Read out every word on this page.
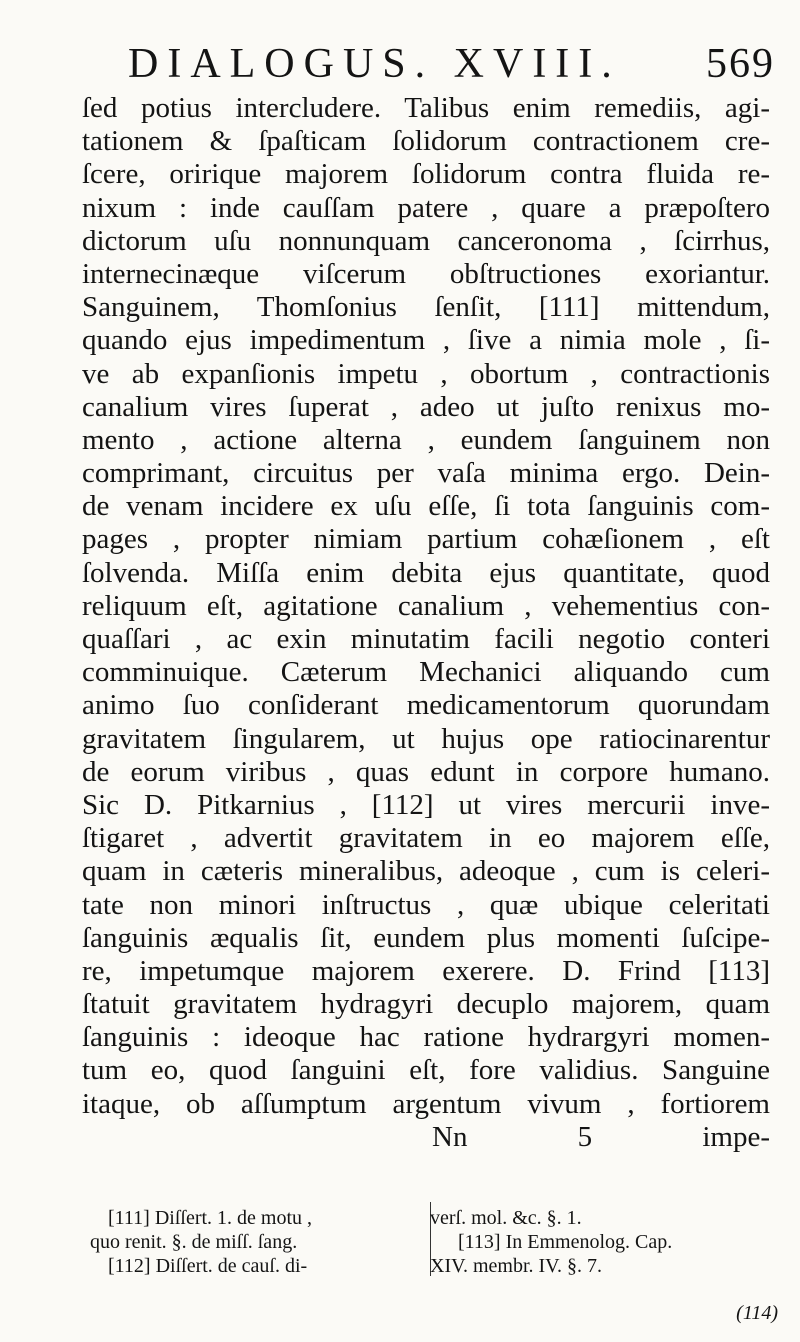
DIALOGUS. XVIII. 569
ſed potius intercludere. Talibus enim remediis, agi-
tationem & ſpaſticam ſolidorum contractionem cre-
ſcere, oririque majorem ſolidorum contra fluida re-
nixum : inde cauſſam patere , quare a præpoſtero
dictorum uſu nonnunquam canceronoma , ſcirrhus,
internecinæque viſcerum obſtructiones exoriantur.
Sanguinem, Thomſonius ſenſit, [111] mittendum,
quando ejus impedimentum , ſive a nimia mole , ſi-
ve ab expanſionis impetu , obortum , contractionis
canalium vires ſuperat , adeo ut juſto renixus mo-
mento , actione alterna , eundem ſanguinem non
comprimant, circuitus per vaſa minima ergo. Dein-
de venam incidere ex uſu eſſe, ſi tota ſanguinis com-
pages , propter nimiam partium cohæſionem , eſt
ſolvenda. Miſſa enim debita ejus quantitate, quod
reliquum eſt, agitatione canalium , vehementius con-
quaſſari , ac exin minutatim facili negotio conteri
comminuique. Cæterum Mechanici aliquando cum
animo ſuo conſiderant medicamentorum quorundam
gravitatem ſingularem, ut hujus ope ratiocinarentur
de eorum viribus , quas edunt in corpore humano.
Sic D. Pitkarnius , [112] ut vires mercurii inve-
ſtigaret , advertit gravitatem in eo majorem eſſe,
quam in cæteris mineralibus, adeoque , cum is celeri-
tate non minori inſtructus , quæ ubique celeritati
ſanguinis æqualis ſit, eundem plus momenti ſuſcipe-
re, impetumque majorem exerere. D. Frind [113]
ſtatuit gravitatem hydragyri decuplo majorem, quam
ſanguinis : ideoque hac ratione hydrargyri momen-
tum eo, quod ſanguini eſt, fore validius. Sanguine
itaque, ob aſſumptum argentum vivum , fortiorem
Nn 5 impe-
[111] Diſſert. 1. de motu ,	verſ. mol. &c. §. 1.
quo renit. §. de miſſ. ſang.	[113] In Emmenolog. Cap.
[112] Diſſert. de cauſ. di-	XIV. membr. IV. §. 7.
(114)
